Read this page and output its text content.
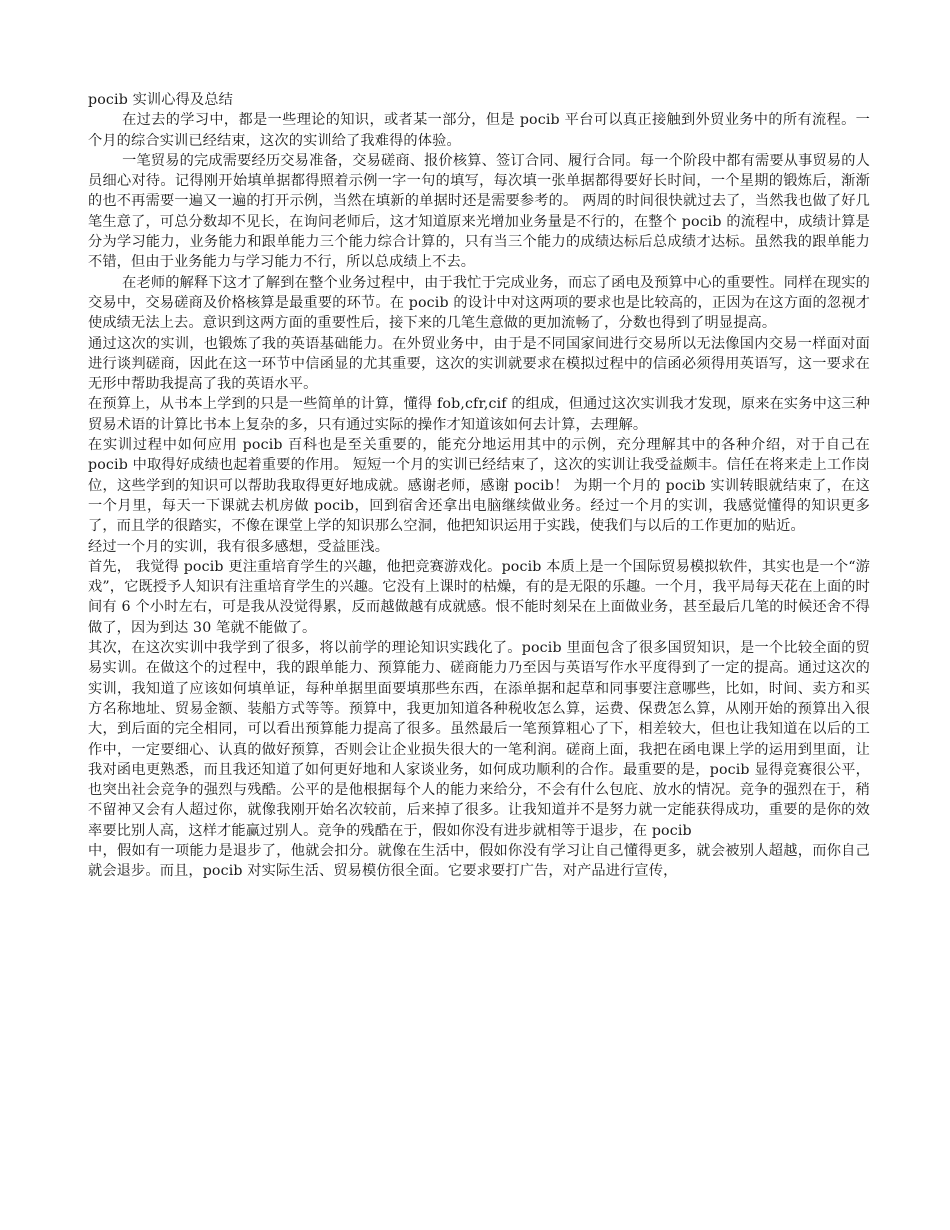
pocib 实训心得及总结

在过去的学习中，都是一些理论的知识，或者某一部分，但是 pocib 平台可以真正接触到外贸业务中的所有流程。一个月的综合实训已经结束，这次的实训给了我难得的体验。

一笔贸易的完成需要经历交易准备，交易磋商、报价核算、签订合同、履行合同。每一个阶段中都有需要从事贸易的人员细心对待。记得刚开始填单据都得照着示例一字一句的填写，每次填一张单据都得要好长时间，一个星期的锻炼后，渐渐的也不再需要一遍又一遍的打开示例，当然在填新的单据时还是需要参考的。 两周的时间很快就过去了，当然我也做了好几笔生意了，可总分数却不见长，在询问老师后，这才知道原来光增加业务量是不行的，在整个 pocib 的流程中，成绩计算是分为学习能力，业务能力和跟单能力三个能力综合计算的，只有当三个能力的成绩达标后总成绩才达标。虽然我的跟单能力不错，但由于业务能力与学习能力不行，所以总成绩上不去。

在老师的解释下这才了解到在整个业务过程中，由于我忙于完成业务，而忘了函电及预算中心的重要性。同样在现实的交易中，交易磋商及价格核算是最重要的环节。在 pocib 的设计中对这两项的要求也是比较高的，正因为在这方面的忽视才使成绩无法上去。意识到这两方面的重要性后，接下来的几笔生意做的更加流畅了，分数也得到了明显提高。

通过这次的实训，也锻炼了我的英语基础能力。在外贸业务中，由于是不同国家间进行交易所以无法像国内交易一样面对面进行谈判磋商，因此在这一环节中信函显的尤其重要，这次的实训就要求在模拟过程中的信函必须得用英语写，这一要求在无形中帮助我提高了我的英语水平。

在预算上，从书本上学到的只是一些简单的计算，懂得 fob,cfr,cif 的组成，但通过这次实训我才发现，原来在实务中这三种贸易术语的计算比书本上复杂的多，只有通过实际的操作才知道该如何去计算，去理解。

在实训过程中如何应用 pocib 百科也是至关重要的，能充分地运用其中的示例，充分理解其中的各种介绍，对于自己在 pocib 中取得好成绩也起着重要的作用。 短短一个月的实训已经结束了，这次的实训让我受益颇丰。信任在将来走上工作岗位，这些学到的知识可以帮助我取得更好地成就。感谢老师，感谢 pocib！ 为期一个月的 pocib 实训转眼就结束了，在这一个月里，每天一下课就去机房做 pocib，回到宿舍还拿出电脑继续做业务。经过一个月的实训，我感觉懂得的知识更多了，而且学的很踏实，不像在课堂上学的知识那么空洞，他把知识运用于实践，使我们与以后的工作更加的贴近。

经过一个月的实训，我有很多感想，受益匪浅。

首先， 我觉得 pocib 更注重培育学生的兴趣，他把竞赛游戏化。pocib 本质上是一个国际贸易模拟软件，其实也是一个“游戏”，它既授予人知识有注重培育学生的兴趣。它没有上课时的枯燥，有的是无限的乐趣。一个月，我平局每天花在上面的时间有 6 个小时左右，可是我从没觉得累，反而越做越有成就感。恨不能时刻呆在上面做业务，甚至最后几笔的时候还舍不得做了，因为到达 30 笔就不能做了。

其次，在这次实训中我学到了很多，将以前学的理论知识实践化了。pocib 里面包含了很多国贸知识，是一个比较全面的贸易实训。在做这个的过程中，我的跟单能力、预算能力、磋商能力乃至因与英语写作水平度得到了一定的提高。通过这次的实训，我知道了应该如何填单证，每种单据里面要填那些东西，在添单据和起草和同事要注意哪些，比如，时间、卖方和买方名称地址、贸易金额、装船方式等等。预算中，我更加知道各种税收怎么算，运费、保费怎么算，从刚开始的预算出入很大，到后面的完全相同，可以看出预算能力提高了很多。虽然最后一笔预算粗心了下，相差较大，但也让我知道在以后的工作中，一定要细心、认真的做好预算，否则会让企业损失很大的一笔利润。磋商上面，我把在函电课上学的运用到里面，让我对函电更熟悉，而且我还知道了如何更好地和人家谈业务，如何成功顺利的合作。最重要的是，pocib 显得竞赛很公平，也突出社会竞争的强烈与残酷。公平的是他根据每个人的能力来给分，不会有什么包庇、放水的情况。竞争的强烈在于，稍不留神又会有人超过你，就像我刚开始名次较前，后来掉了很多。让我知道并不是努力就一定能获得成功，重要的是你的效率要比别人高，这样才能赢过别人。竞争的残酷在于，假如你没有进步就相等于退步，在 pocib

中，假如有一项能力是退步了，他就会扣分。就像在生活中，假如你没有学习让自己懂得更多，就会被别人超越，而你自己就会退步。而且，pocib 对实际生活、贸易模仿很全面。它要求要打广告，对产品进行宣传，
